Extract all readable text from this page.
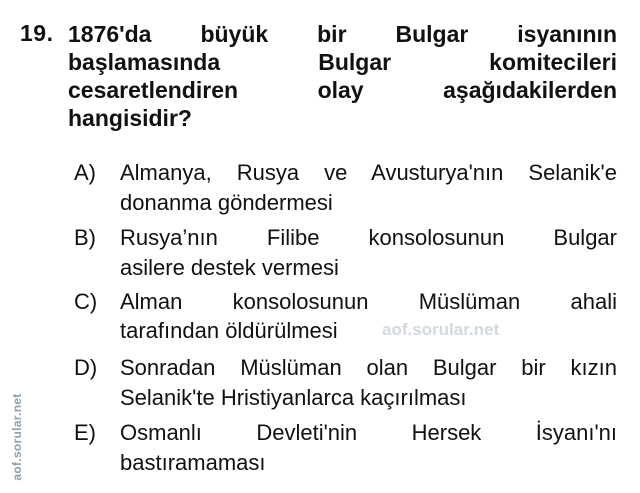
19. 1876'da büyük bir Bulgar isyanının
başlamasında Bulgar komitecileri
cesaretlendiren olay aşağıdakilerden
hangisidir?
A) Almanya, Rusya ve Avusturya'nın Selanik'e
donanma göndermesi
B) Rusya’nın Filibe konsolosunun Bulgar
asilere destek vermesi
C) Alman konsolosunun Müslüman ahali
tarafından öldürülmesi
D) Sonradan Müslüman olan Bulgar bir kızın
Selanik'te Hristiyanlarca kaçırılması
E) Osmanlı Devleti'nin Hersek İsyanı'nı
bastıramaması
aof.sorular.net
aof.sorular.net
